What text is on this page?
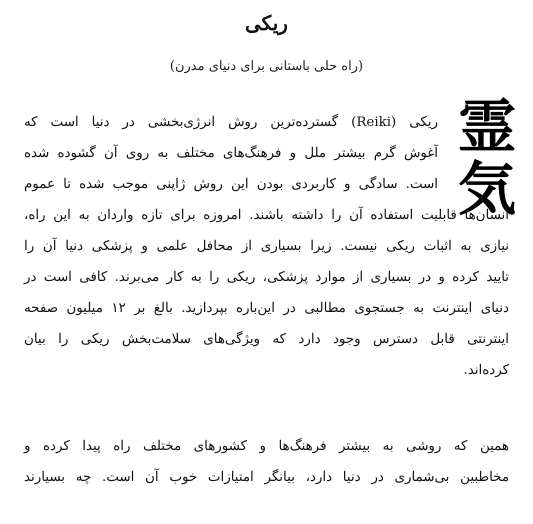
ریکی
(راه حلی باستانی برای دنیای مدرن)
霊
気
ریکی (Reiki) گسترده‌ترین روش انرژی‌بخشی در دنیا است که
آغوش گرم بیشتر ملل و فرهنگ‌های مختلف به روی آن گشوده شده
است. سادگی و کاربردی بودن این روش ژاپنی موجب شده تا عموم
انسان‌ها قابلیت استفاده آن را داشته باشند. امروزه برای تازه واردان به این راه،
نیازی به اثبات ریکی نیست. زیرا بسیاری از محافل علمی و پزشکی دنیا آن را
تایید کرده و در بسیاری از موارد پزشکی، ریکی را به کار می‌برند. کافی است در
دنیای اینترنت به جستجوی مطالبی در این‌باره بپردازید. بالغ بر ۱۲ میلیون صفحه
اینترنتی قابل دسترس وجود دارد که ویژگی‌های سلامت‌بخش ریکی را بیان
کرده‌اند.
همین که روشی به بیشتر فرهنگ‌ها و کشورهای مختلف راه پیدا کرده و
مخاطبین بی‌شماری در دنیا دارد، بیانگر امتیازات خوب آن است. چه بسیارند
